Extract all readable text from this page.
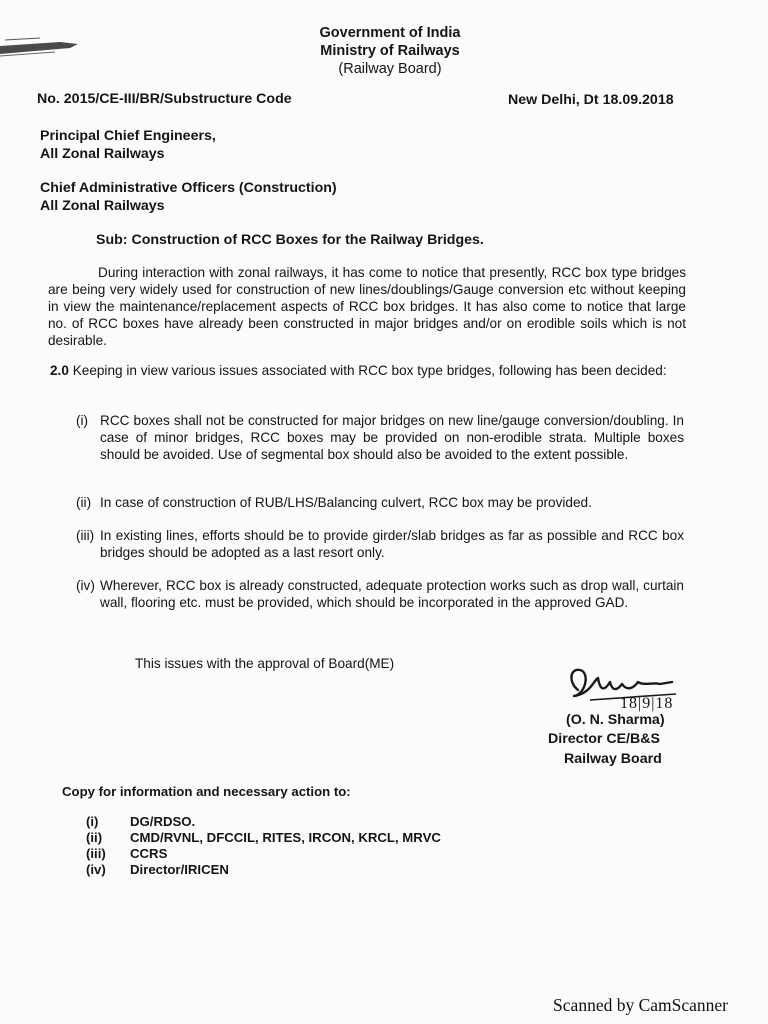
Government of India
Ministry of Railways
(Railway Board)
No. 2015/CE-III/BR/Substructure Code	New Delhi, Dt 18.09.2018
Principal Chief Engineers,
All Zonal Railways
Chief Administrative Officers (Construction)
All Zonal Railways
Sub: Construction of RCC Boxes for the Railway Bridges.
During interaction with zonal railways, it has come to notice that presently, RCC box type bridges are being very widely used for construction of new lines/doublings/Gauge conversion etc without keeping in view the maintenance/replacement aspects of RCC box bridges. It has also come to notice that large no. of RCC boxes have already been constructed in major bridges and/or on erodible soils which is not desirable.
2.0 Keeping in view various issues associated with RCC box type bridges, following has been decided:
(i) RCC boxes shall not be constructed for major bridges on new line/gauge conversion/doubling. In case of minor bridges, RCC boxes may be provided on non-erodible strata. Multiple boxes should be avoided. Use of segmental box should also be avoided to the extent possible.
(ii) In case of construction of RUB/LHS/Balancing culvert, RCC box may be provided.
(iii) In existing lines, efforts should be to provide girder/slab bridges as far as possible and RCC box bridges should be adopted as a last resort only.
(iv) Wherever, RCC box is already constructed, adequate protection works such as drop wall, curtain wall, flooring etc. must be provided, which should be incorporated in the approved GAD.
This issues with the approval of Board(ME)
18|9|18
(O. N. Sharma)
Director CE/B&S
Railway Board
Copy for information and necessary action to:
(i) DG/RDSO.
(ii) CMD/RVNL, DFCCIL, RITES, IRCON, KRCL, MRVC
(iii) CCRS
(iv) Director/IRICEN
Scanned by CamScanner
